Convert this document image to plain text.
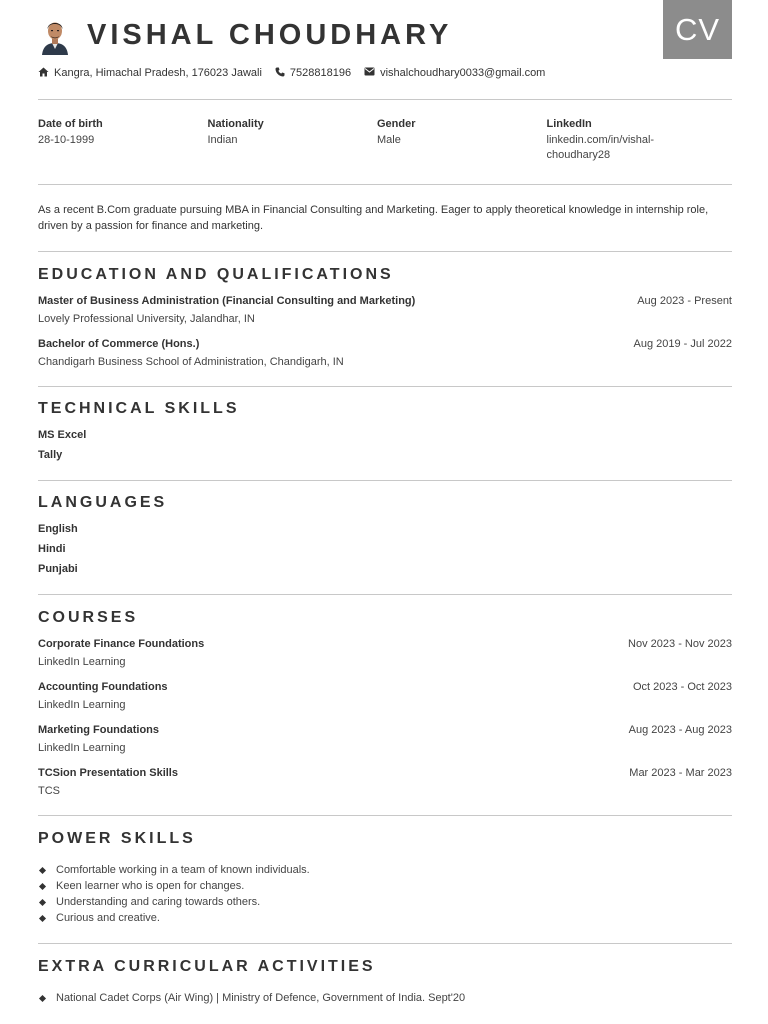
CV
VISHAL CHOUDHARY
Kangra, Himachal Pradesh, 176023 Jawali	7528818196	vishalchoudhary0033@gmail.com
Date of birth
28-10-1999
Nationality
Indian
Gender
Male
LinkedIn
linkedin.com/in/vishal-choudhary28
As a recent B.Com graduate pursuing MBA in Financial Consulting and Marketing. Eager to apply theoretical knowledge in internship role, driven by a passion for finance and marketing.
EDUCATION AND QUALIFICATIONS
Master of Business Administration (Financial Consulting and Marketing)
Lovely Professional University, Jalandhar, IN
Aug 2023 - Present
Bachelor of Commerce (Hons.)
Chandigarh Business School of Administration, Chandigarh, IN
Aug 2019 - Jul 2022
TECHNICAL SKILLS
MS Excel
Tally
LANGUAGES
English
Hindi
Punjabi
COURSES
Corporate Finance Foundations
LinkedIn Learning
Nov 2023 - Nov 2023
Accounting Foundations
LinkedIn Learning
Oct 2023 - Oct 2023
Marketing Foundations
LinkedIn Learning
Aug 2023 - Aug 2023
TCSion Presentation Skills
TCS
Mar 2023 - Mar 2023
POWER SKILLS
Comfortable working in a team of known individuals.
Keen learner who is open for changes.
Understanding and caring towards others.
Curious and creative.
EXTRA CURRICULAR ACTIVITIES
National Cadet Corps (Air Wing) | Ministry of Defence, Government of India. Sept'20
